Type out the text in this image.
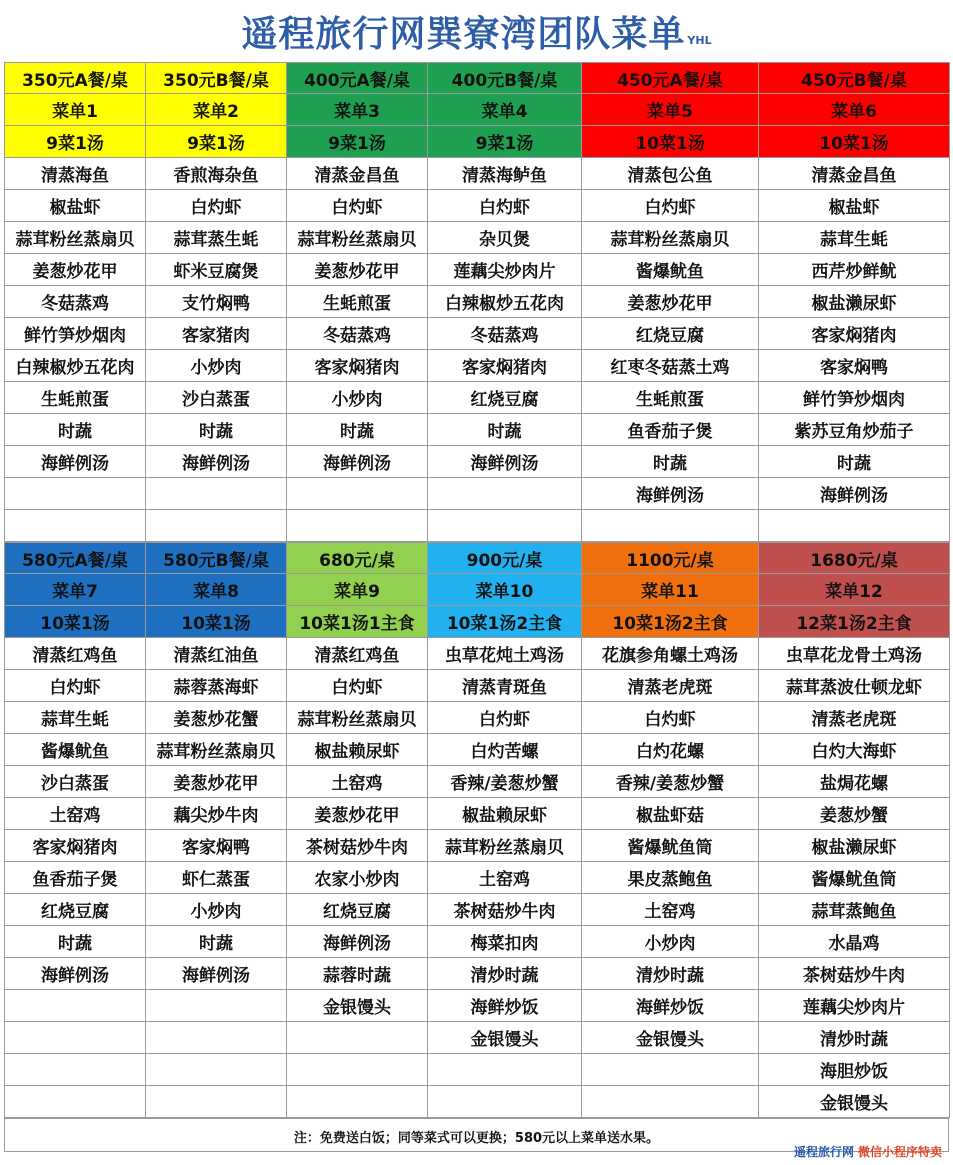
遥程旅行网巽寮湾团队菜单 YHL
350元A餐/桌	350元B餐/桌	400元A餐/桌	400元B餐/桌	450元A餐/桌	450元B餐/桌
菜单1	菜单2	菜单3	菜单4	菜单5	菜单6
9菜1汤	9菜1汤	9菜1汤	9菜1汤	10菜1汤	10菜1汤
清蒸海鱼	香煎海杂鱼	清蒸金昌鱼	清蒸海鲈鱼	清蒸包公鱼	清蒸金昌鱼
椒盐虾	白灼虾	白灼虾	白灼虾	白灼虾	椒盐虾
蒜茸粉丝蒸扇贝	蒜茸蒸生蚝	蒜茸粉丝蒸扇贝	杂贝煲	蒜茸粉丝蒸扇贝	蒜茸生蚝
姜葱炒花甲	虾米豆腐煲	姜葱炒花甲	莲藕尖炒肉片	酱爆鱿鱼	西芹炒鲜鱿
冬菇蒸鸡	支竹焖鸭	生蚝煎蛋	白辣椒炒五花肉	姜葱炒花甲	椒盐濑尿虾
鲜竹笋炒烟肉	客家猪肉	冬菇蒸鸡	冬菇蒸鸡	红烧豆腐	客家焖猪肉
白辣椒炒五花肉	小炒肉	客家焖猪肉	客家焖猪肉	红枣冬菇蒸土鸡	客家焖鸭
生蚝煎蛋	沙白蒸蛋	小炒肉	红烧豆腐	生蚝煎蛋	鲜竹笋炒烟肉
时蔬	时蔬	时蔬	时蔬	鱼香茄子煲	紫苏豆角炒茄子
海鲜例汤	海鲜例汤	海鲜例汤	海鲜例汤	时蔬	时蔬
				海鲜例汤	海鲜例汤

580元A餐/桌	580元B餐/桌	680元/桌	900元/桌	1100元/桌	1680元/桌
菜单7	菜单8	菜单9	菜单10	菜单11	菜单12
10菜1汤	10菜1汤	10菜1汤1主食	10菜1汤2主食	10菜1汤2主食	12菜1汤2主食
清蒸红鸡鱼	清蒸红油鱼	清蒸红鸡鱼	虫草花炖土鸡汤	花旗参角螺土鸡汤	虫草花龙骨土鸡汤
白灼虾	蒜蓉蒸海虾	白灼虾	清蒸青斑鱼	清蒸老虎斑	蒜茸蒸波仕顿龙虾
蒜茸生蚝	姜葱炒花蟹	蒜茸粉丝蒸扇贝	白灼虾	白灼虾	清蒸老虎斑
酱爆鱿鱼	蒜茸粉丝蒸扇贝	椒盐赖尿虾	白灼苦螺	白灼花螺	白灼大海虾
沙白蒸蛋	姜葱炒花甲	土窑鸡	香辣/姜葱炒蟹	香辣/姜葱炒蟹	盐焗花螺
土窑鸡	藕尖炒牛肉	姜葱炒花甲	椒盐赖尿虾	椒盐虾菇	姜葱炒蟹
客家焖猪肉	客家焖鸭	茶树菇炒牛肉	蒜茸粉丝蒸扇贝	酱爆鱿鱼筒	椒盐濑尿虾
鱼香茄子煲	虾仁蒸蛋	农家小炒肉	土窑鸡	果皮蒸鲍鱼	酱爆鱿鱼筒
红烧豆腐	小炒肉	红烧豆腐	茶树菇炒牛肉	土窑鸡	蒜茸蒸鲍鱼
时蔬	时蔬	海鲜例汤	梅菜扣肉	小炒肉	水晶鸡
海鲜例汤	海鲜例汤	蒜蓉时蔬	清炒时蔬	清炒时蔬	茶树菇炒牛肉
		金银馒头	海鲜炒饭	海鲜炒饭	莲藕尖炒肉片
			金银馒头	金银馒头	清炒时蔬
					海胆炒饭
					金银馒头
注：免费送白饭；同等菜式可以更换；580元以上菜单送水果。
遥程旅行网 微信小程序特卖
